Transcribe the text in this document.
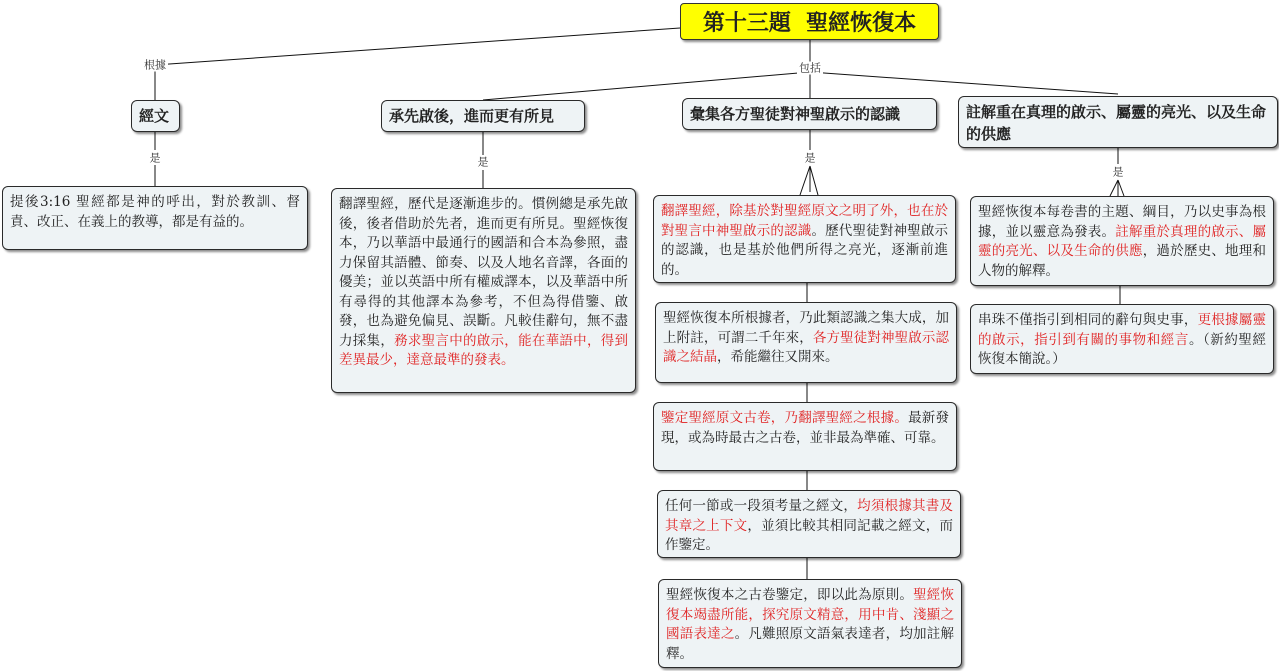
根據	包括
是	是	是
是
第十三題  聖經恢復本
經文	承先啟後，進而更有所見	彙集各方聖徒對神聖啟示的認識	註解重在真理的啟示、屬靈的亮光、以及生命的供應
提後3:16 聖經都是神的呼出，對於教訓、督責、改正、在義上的教導，都是有益的。
翻譯聖經，歷代是逐漸進步的。慣例總是承先啟後，後者借助於先者，進而更有所見。聖經恢復本，乃以華語中最通行的國語和合本為參照，盡力保留其語體、節奏、以及人地名音譯，各面的優美；並以英語中所有權威譯本，以及華語中所有尋得的其他譯本為參考，不但為得借鑒、啟發，也為避免偏見、誤斷。凡較佳辭句，無不盡力採集，務求聖言中的啟示，能在華語中，得到差異最少，達意最準的發表。
翻譯聖經，除基於對聖經原文之明了外，也在於對聖言中神聖啟示的認識。歷代聖徒對神聖啟示的認識，也是基於他們所得之亮光，逐漸前進的。
聖經恢復本所根據者，乃此類認識之集大成，加上附註，可謂二千年來，各方聖徒對神聖啟示認識之結晶，希能繼往又開來。
鑒定聖經原文古卷，乃翻譯聖經之根據。最新發現，或為時最古之古卷，並非最為準確、可靠。
任何一節或一段須考量之經文，均須根據其書及其章之上下文，並須比較其相同記載之經文，而作鑒定。
聖經恢復本之古卷鑒定，即以此為原則。聖經恢復本竭盡所能，探究原文精意，用中肯、淺顯之國語表達之。凡難照原文語氣表達者，均加註解釋。
聖經恢復本每卷書的主題、綱目，乃以史事為根據，並以靈意為發表。註解重於真理的啟示、屬靈的亮光、以及生命的供應，過於歷史、地理和人物的解釋。
串珠不僅指引到相同的辭句與史事，更根據屬靈的啟示，指引到有關的事物和經言。（新約聖經恢復本簡說。）
